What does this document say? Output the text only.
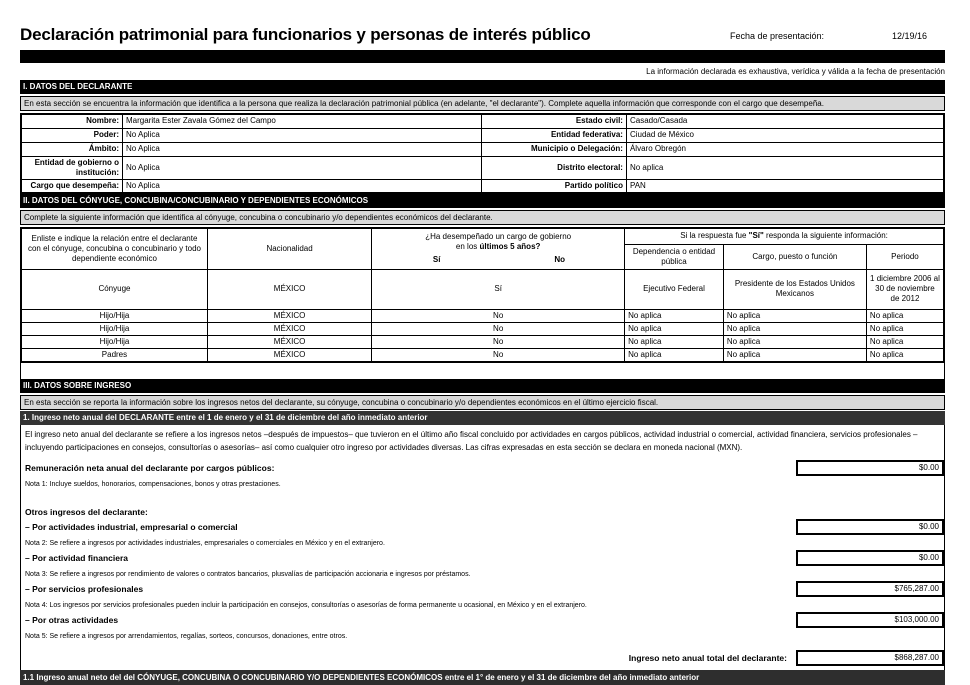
Declaración patrimonial para funcionarios y personas de interés público	Fecha de presentación:	12/19/16
La información declarada es exhaustiva, verídica y válida a la fecha de presentación
I. DATOS DEL DECLARANTE
En esta sección se encuentra la información que identifica a la persona que realiza la declaración patrimonial pública (en adelante, "el declarante"). Complete aquella información que corresponde con el cargo que desempeña.
Nombre:	Margarita Ester Zavala Gómez del Campo	Estado civil:	Casado/Casada
Poder:	No Aplica	Entidad federativa:	Ciudad de México
Ámbito:	No Aplica	Municipio o Delegación:	Álvaro Obregón
Entidad de gobierno o institución:	No Aplica	Distrito electoral:	No aplica
Cargo que desempeña:	No Aplica	Partido político	PAN
II. DATOS DEL CÓNYUGE, CONCUBINA/CONCUBINARIO Y DEPENDIENTES ECONÓMICOS
Complete la siguiente información que identifica al cónyuge, concubina o concubinario y/o dependientes económicos del declarante.
Enliste e indique la relación entre el declarante con el cónyuge, concubina o concubinario y todo dependiente económico	Nacionalidad	¿Ha desempeñado un cargo de gobierno
en los últimos 5 años?
Sí No	Si la respuesta fue "Sí" responda la siguiente información:		
			Dependencia o entidad pública	Cargo, puesto o función	Periodo
Cónyuge	MÉXICO	Sí	Ejecutivo Federal	Presidente de los Estados Unidos Mexicanos	1 diciembre 2006 al 30 de noviembre de 2012
Hijo/Hija	MÉXICO	No	No aplica	No aplica	No aplica
Hijo/Hija	MÉXICO	No	No aplica	No aplica	No aplica
Hijo/Hija	MÉXICO	No	No aplica	No aplica	No aplica
Padres	MÉXICO	No	No aplica	No aplica	No aplica
III. DATOS SOBRE INGRESO
En esta sección se reporta la información sobre los ingresos netos del declarante, su cónyuge, concubina o concubinario y/o dependientes económicos en el último ejercicio fiscal.
1. Ingreso neto anual del DECLARANTE entre el 1 de enero y el 31 de diciembre del año inmediato anterior
El ingreso neto anual del declarante se refiere a los ingresos netos –después de impuestos– que tuvieron en el último año fiscal concluido por actividades en cargos públicos, actividad industrial o comercial, actividad financiera, servicios profesionales –incluyendo participaciones en consejos, consultorías o asesorías– así como cualquier otro ingreso por actividades diversas. Las cifras expresadas en esta sección se declara en moneda nacional (MXN).
Remuneración neta anual del declarante por cargos públicos:	$0.00
Nota 1: Incluye sueldos, honorarios, compensaciones, bonos y otras prestaciones.
Otros ingresos del declarante:
– Por actividades industrial, empresarial o comercial	$0.00
Nota 2: Se refiere a ingresos por actividades industriales, empresariales o comerciales en México y en el extranjero.
– Por actividad financiera	$0.00
Nota 3: Se refiere a ingresos por rendimiento de valores o contratos bancarios, plusvalías de participación accionaria e ingresos por préstamos.
– Por servicios profesionales	$765,287.00
Nota 4: Los ingresos por servicios profesionales pueden incluir la participación en consejos, consultorías o asesorías de forma permanente u ocasional, en México y en el extranjero.
– Por otras actividades	$103,000.00
Nota 5: Se refiere a ingresos por arrendamientos, regalías, sorteos, concursos, donaciones, entre otros.
Ingreso neto anual total del declarante:	$868,287.00
1.1 Ingreso anual neto del del CÓNYUGE, CONCUBINA O CONCUBINARIO Y/O DEPENDIENTES ECONÓMICOS entre el 1° de enero y el 31 de diciembre del año inmediato anterior
